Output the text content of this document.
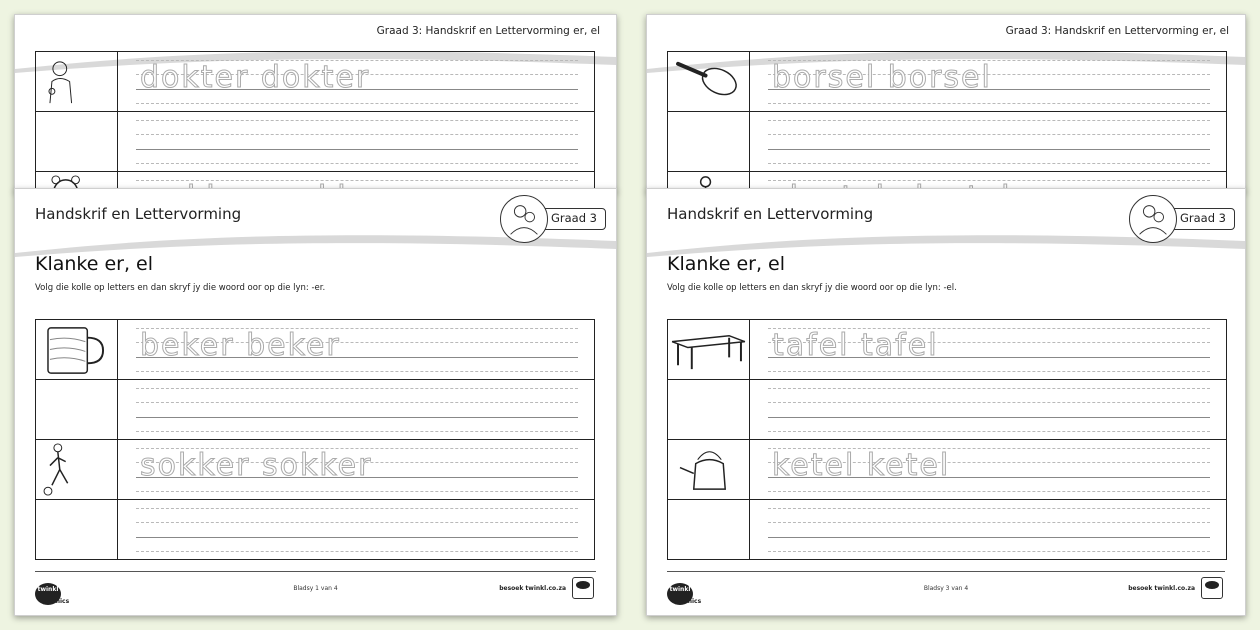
Graad 3: Handskrif en Lettervorming er, el

dokter dokter

Graad 3: Handskrif en Lettervorming er, el

borsel borsel

Handskrif en Lettervorming	Graad 3
Klanke er, el
Volg die kolle op letters en dan skryf jy die woord oor op die lyn: -er.

beker beker

sokker sokker

twinkl
phonics
Bladsy 1 van 4	besoek twinkl.co.za
Handskrif en Lettervorming	Graad 3
Klanke er, el
Volg die kolle op letters en dan skryf jy die woord oor op die lyn: -el.

tafel tafel

ketel ketel

twinkl
phonics
Bladsy 3 van 4	besoek twinkl.co.za
